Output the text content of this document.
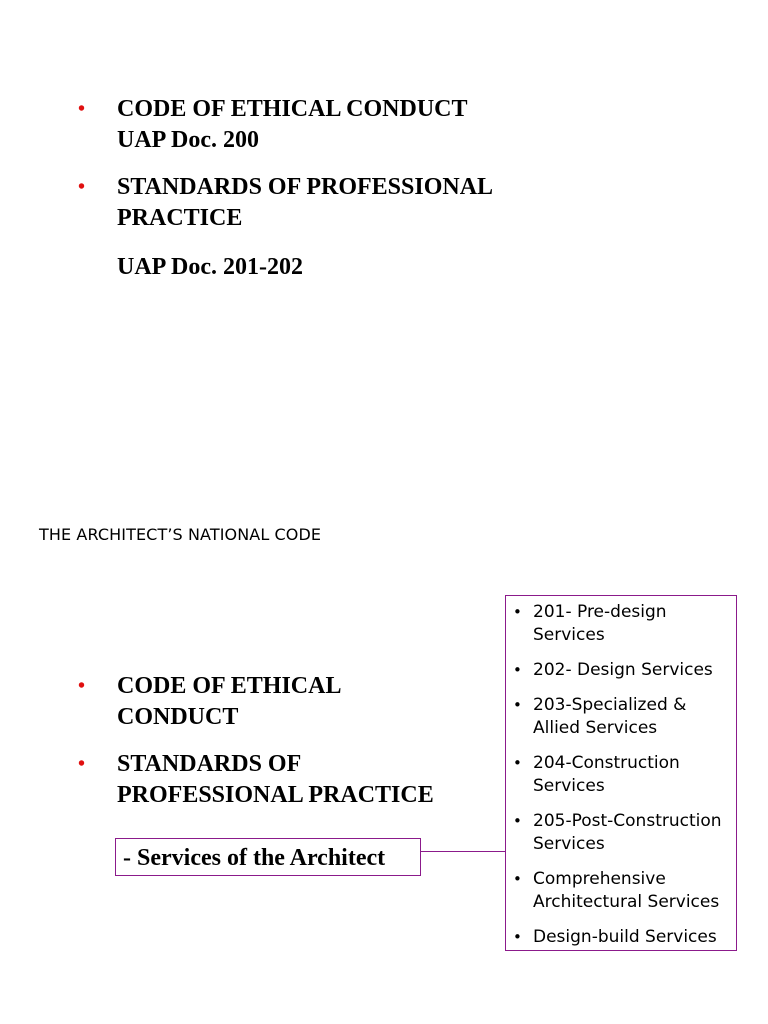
• CODE OF ETHICAL CONDUCT
UAP Doc. 200
• STANDARDS OF PROFESSIONAL
PRACTICE
UAP Doc. 201-202
THE ARCHITECT’S NATIONAL CODE
• CODE OF ETHICAL
CONDUCT
• STANDARDS OF
PROFESSIONAL PRACTICE
- Services of the Architect
• 201- Pre-design Services
• 202- Design Services
• 203-Specialized & Allied Services
• 204-Construction Services
• 205-Post-Construction Services
• Comprehensive Architectural Services
• Design-build Services
